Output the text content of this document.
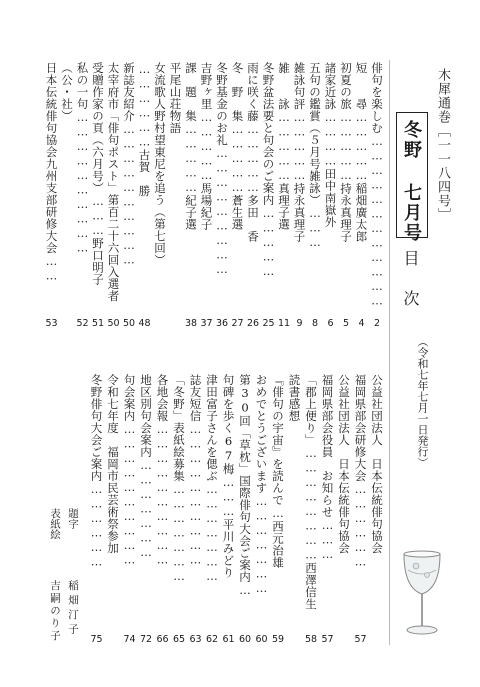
木犀通巻［一一八四号］
冬野 七月号
目　次
（令和七年七月一日発行）
俳句を楽しむ………………………………
2
短　　尋……………稲畑廣太郎
4
初夏の旅……………持永真理子
5
諸家近詠…………田中南嶽外
6
五句の鑑賞（５月号雑詠）………
8
雑詠句評……………持永真理子
9
雑　　詠……………真理子選
11
冬野盆法要と句会のご案内……………
25
雨に咲く藤……………多田　香
26
冬　野　集……………蒼生選
27
冬野基金のお礼………………………
36
吉野ヶ里……………馬場紀子
37
課　題　集……………紀子選
38
平尾山荘物語
女流歌人野村望東尼を追う（第七回）
………………古賀　勝
48
新誌友紹介…………………………
50
太宰府市「俳句ポスト」第百二十六回入選者
50
受贈作家の頁（六月号）………野口明子
51
私の一句…………………………
52
（公・社）
日本伝統俳句協会九州支部研修大会……
53
公益社団法人　日本伝統俳句協会
福岡県部会研修大会………………
57
公益社団法人　日本伝統俳句協会
福岡県部会役員　お知らせ………
57
「郡上便り」……………………西澤信生
58
読書感想
『俳句の宇宙』を読んで…西元治雄
59
おめでとうございます…………………
60
第30回「草枕」国際俳句大会ご案内…
60
句碑を歩く67梅………平川みどり
61
津田富子さんを偲ぶ…………………
62
誌友短信…………………………
63
「冬野」表紙絵募集…………………
65
各地会報…………………………
66
地区別句会案内…………………
72
句会案内…………………………
74
令和七年度　福岡市民芸術祭参加
冬野俳句大会ご案内………………
75
題字
稲畑汀子
表紙絵
吉嗣のり子
